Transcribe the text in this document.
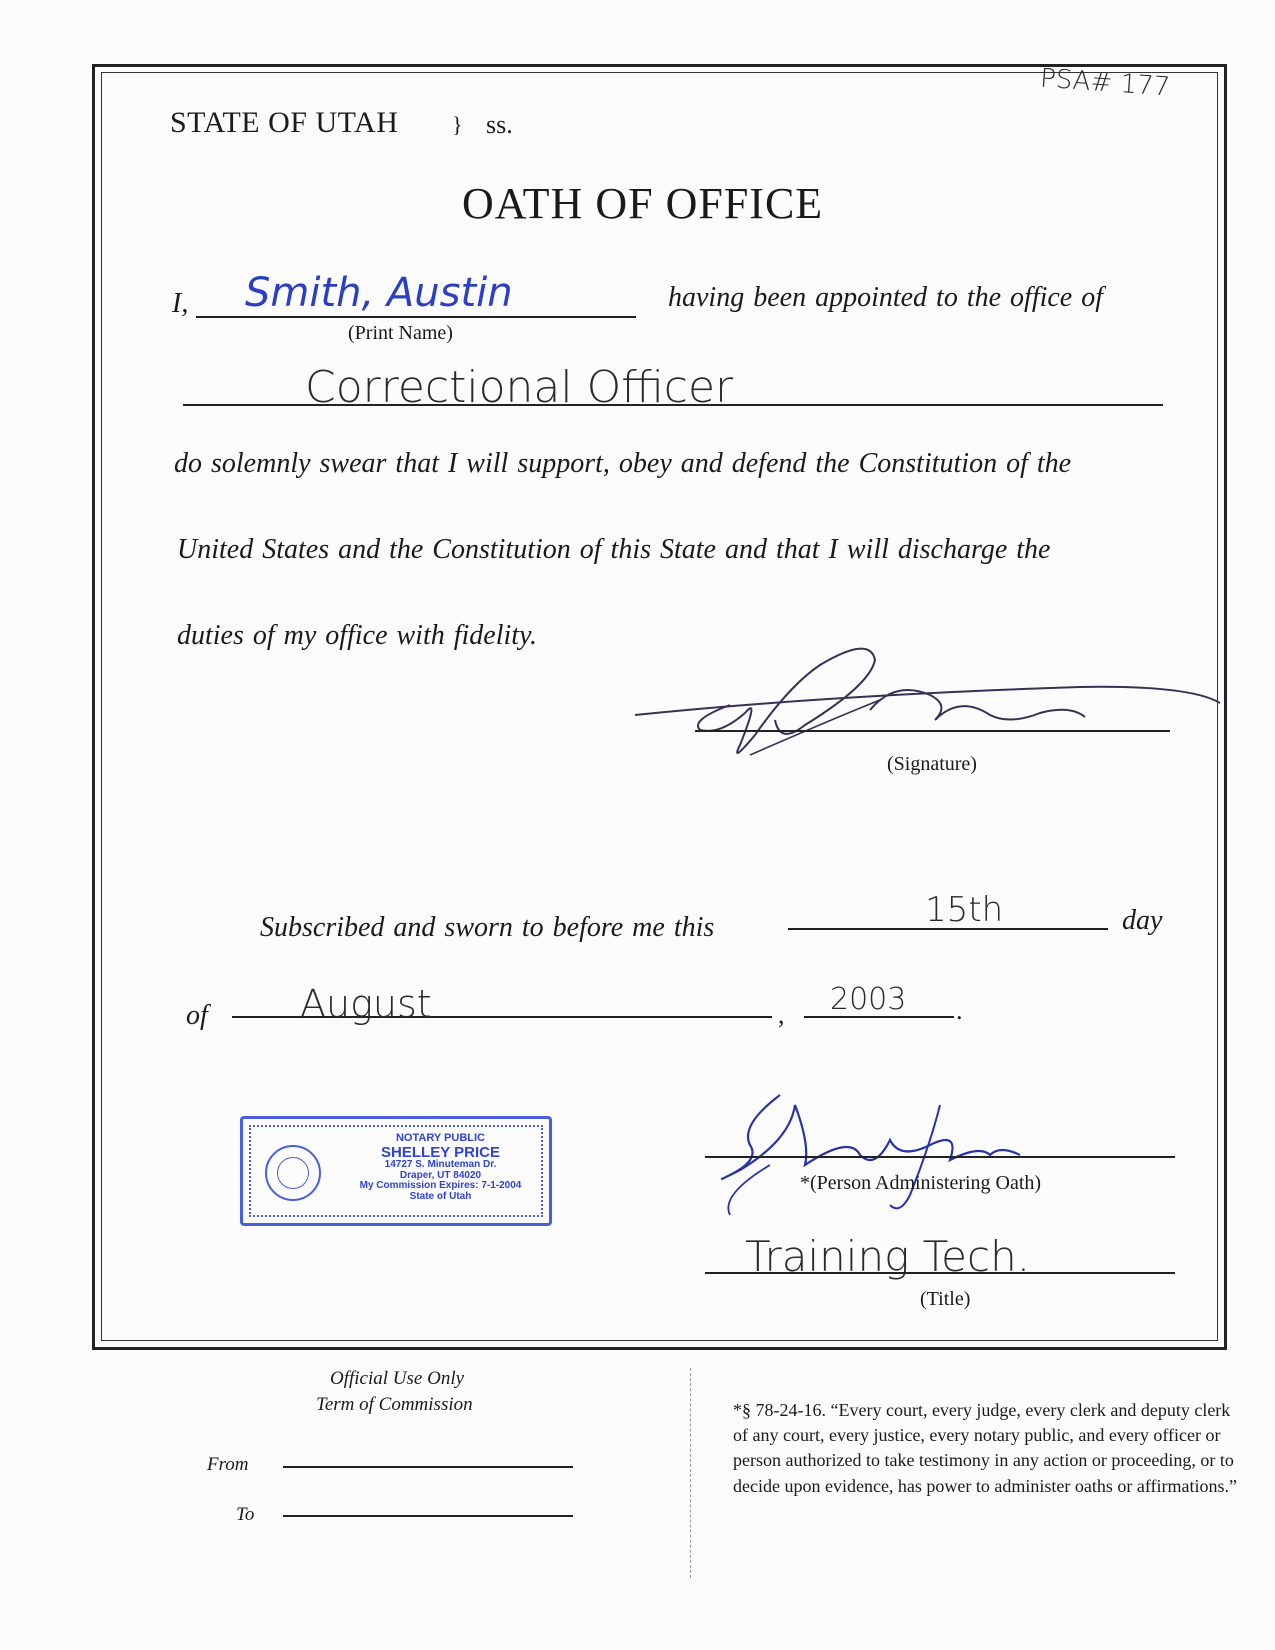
PSA# 177
STATE OF UTAH } ss.
OATH OF OFFICE
I, Smith, Austin
(Print Name)
having been appointed to the office of
Correctional Officer
do solemnly swear that I will support, obey and defend the Constitution of the
United States and the Constitution of this State and that I will discharge the
duties of my office with fidelity.
(Signature)
Subscribed and sworn to before me this	15th	day
of August	, 2003 .
NOTARY PUBLIC
SHELLEY PRICE
14727 S. Minuteman Dr.
Draper, UT 84020
My Commission Expires: 7-1-2004
State of Utah
*(Person Administering Oath)
Training Tech.
(Title)
Official Use Only
Term of Commission
From
To
*§ 78-24-16. “Every court, every judge, every clerk and deputy clerk of any court, every justice, every notary public, and every officer or person authorized to take testimony in any action or proceeding, or to decide upon evidence, has power to administer oaths or affirmations.”
